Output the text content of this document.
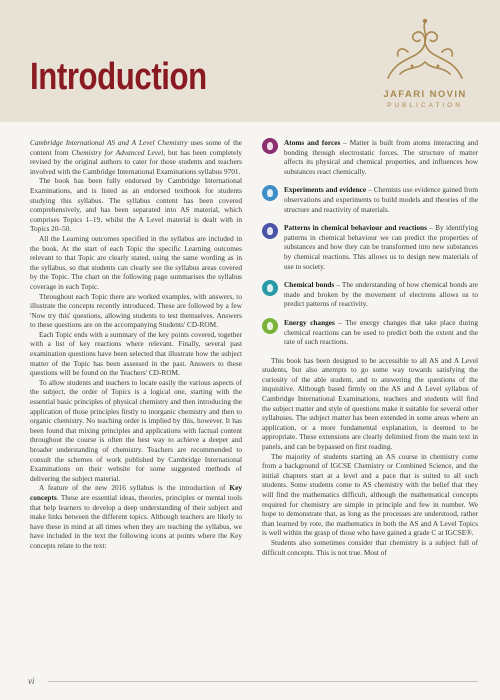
Introduction	JAFARI NOVIN
PUBLICATION

Cambridge International AS and A Level Chemistry uses some of the content from Chemistry for Advanced Level, but has been completely revised by the original authors to cater for those students and teachers involved with the Cambridge International Examinations syllabus 9701.

The book has been fully endorsed by Cambridge International Examinations, and is listed as an endorsed textbook for students studying this syllabus. The syllabus content has been covered comprehensively, and has been separated into AS material, which comprises Topics 1–19, whilst the A Level material is dealt with in Topics 20–50.

All the Learning outcomes specified in the syllabus are included in the book. At the start of each Topic the specific Learning outcomes relevant to that Topic are clearly stated, using the same wording as in the syllabus, so that students can clearly see the syllabus areas covered by the Topic. The chart on the following page summarises the syllabus coverage in each Topic.

Throughout each Topic there are worked examples, with answers, to illustrate the concepts recently introduced. These are followed by a few 'Now try this' questions, allowing students to test themselves. Answers to these questions are on the accompanying Students' CD-ROM.

Each Topic ends with a summary of the key points covered, together with a list of key reactions where relevant. Finally, several past examination questions have been selected that illustrate how the subject matter of the Topic has been assessed in the past. Answers to these questions will be found on the Teachers' CD-ROM.

To allow students and teachers to locate easily the various aspects of the subject, the order of Topics is a logical one, starting with the essential basic principles of physical chemistry and then introducing the application of those principles firstly to inorganic chemistry and then to organic chemistry. No teaching order is implied by this, however. It has been found that mixing principles and applications with factual content throughout the course is often the best way to achieve a deeper and broader understanding of chemistry. Teachers are recommended to consult the schemes of work published by Cambridge International Examinations on their website for some suggested methods of delivering the subject material.

A feature of the new 2016 syllabus is the introduction of Key concepts. These are essential ideas, theories, principles or mental tools that help learners to develop a deep understanding of their subject and make links between the different topics. Although teachers are likely to have these in mind at all times when they are teaching the syllabus, we have included in the text the following icons at points where the Key concepts relate to the text:

Atoms and forces – Matter is built from atoms interacting and bonding through electrostatic forces. The structure of matter affects its physical and chemical properties, and influences how substances react chemically.
Experiments and evidence – Chemists use evidence gained from observations and experiments to build models and theories of the structure and reactivity of materials.
Patterns in chemical behaviour and reactions – By identifying patterns in chemical behaviour we can predict the properties of substances and how they can be transformed into new substances by chemical reactions. This allows us to design new materials of use to society.
Chemical bonds – The understanding of how chemical bonds are made and broken by the movement of electrons allows us to predict patterns of reactivity.
Energy changes – The energy changes that take place during chemical reactions can be used to predict both the extent and the rate of such reactions.

This book has been designed to be accessible to all AS and A Level students, but also attempts to go some way towards satisfying the curiosity of the able student, and to answering the questions of the inquisitive. Although based firmly on the AS and A Level syllabus of Cambridge International Examinations, teachers and students will find the subject matter and style of questions make it suitable for several other syllabuses. The subject matter has been extended in some areas where an application, or a more fundamental explanation, is deemed to be appropriate. These extensions are clearly delimited from the main text in panels, and can be bypassed on first reading.

The majority of students starting an AS course in chemistry come from a background of IGCSE Chemistry or Combined Science, and the initial chapters start at a level and a pace that is suited to all such students. Some students come to AS chemistry with the belief that they will find the mathematics difficult, although the mathematical concepts required for chemistry are simple in principle and few in number. We hope to demonstrate that, as long as the processes are understood, rather than learned by rote, the mathematics in both the AS and A Level Topics is well within the grasp of those who have gained a grade C at IGCSE®.

Students also sometimes consider that chemistry is a subject full of difficult concepts. This is not true. Most of

vi
